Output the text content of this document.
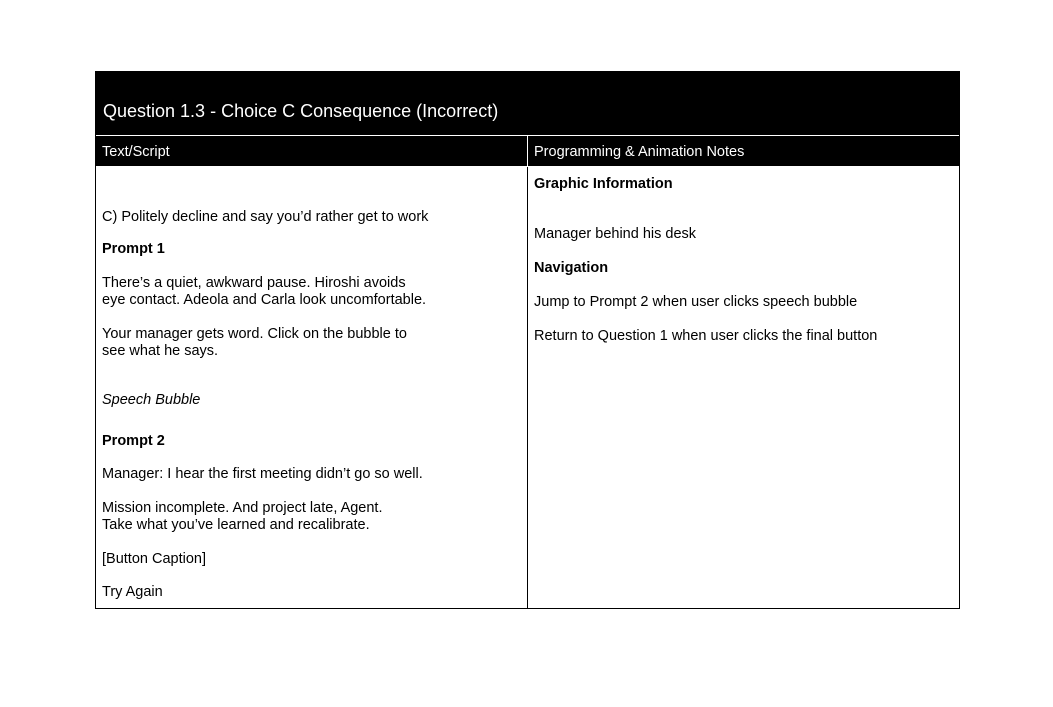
Question 1.3 - Choice C Consequence (Incorrect)
Text/Script	Programming & Animation Notes
C) Politely decline and say you’d rather get to work
Prompt 1
There’s a quiet, awkward pause. Hiroshi avoids
eye contact. Adeola and Carla look uncomfortable.
Your manager gets word. Click on the bubble to
see what he says.
Speech Bubble
Prompt 2
Manager: I hear the first meeting didn’t go so well.
Mission incomplete. And project late, Agent.
Take what you’ve learned and recalibrate.
[Button Caption]
Try Again
Graphic Information
Manager behind his desk
Navigation
Jump to Prompt 2 when user clicks speech bubble
Return to Question 1 when user clicks the final button
